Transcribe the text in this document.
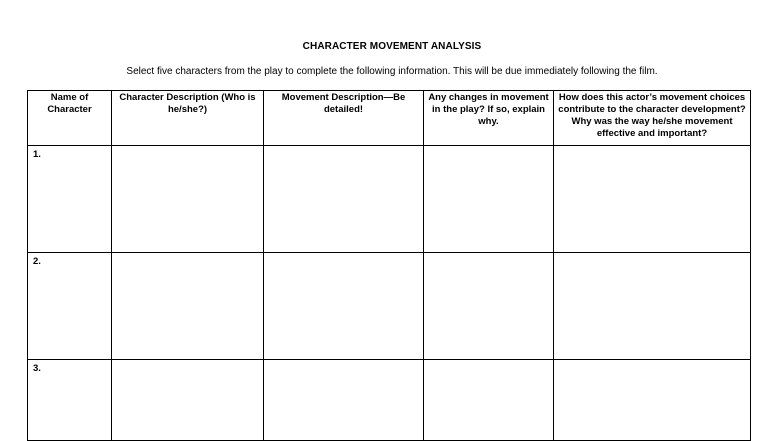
CHARACTER MOVEMENT ANALYSIS
Select five characters from the play to complete the following information. This will be due immediately following the film.
Name of Character	Character Description (Who is he/she?)	Movement Description—Be detailed!	Any changes in movement in the play? If so, explain why.	How does this actor’s movement choices contribute to the character development? Why was the way he/she movement effective and important?

1.				

2.				

3.				
